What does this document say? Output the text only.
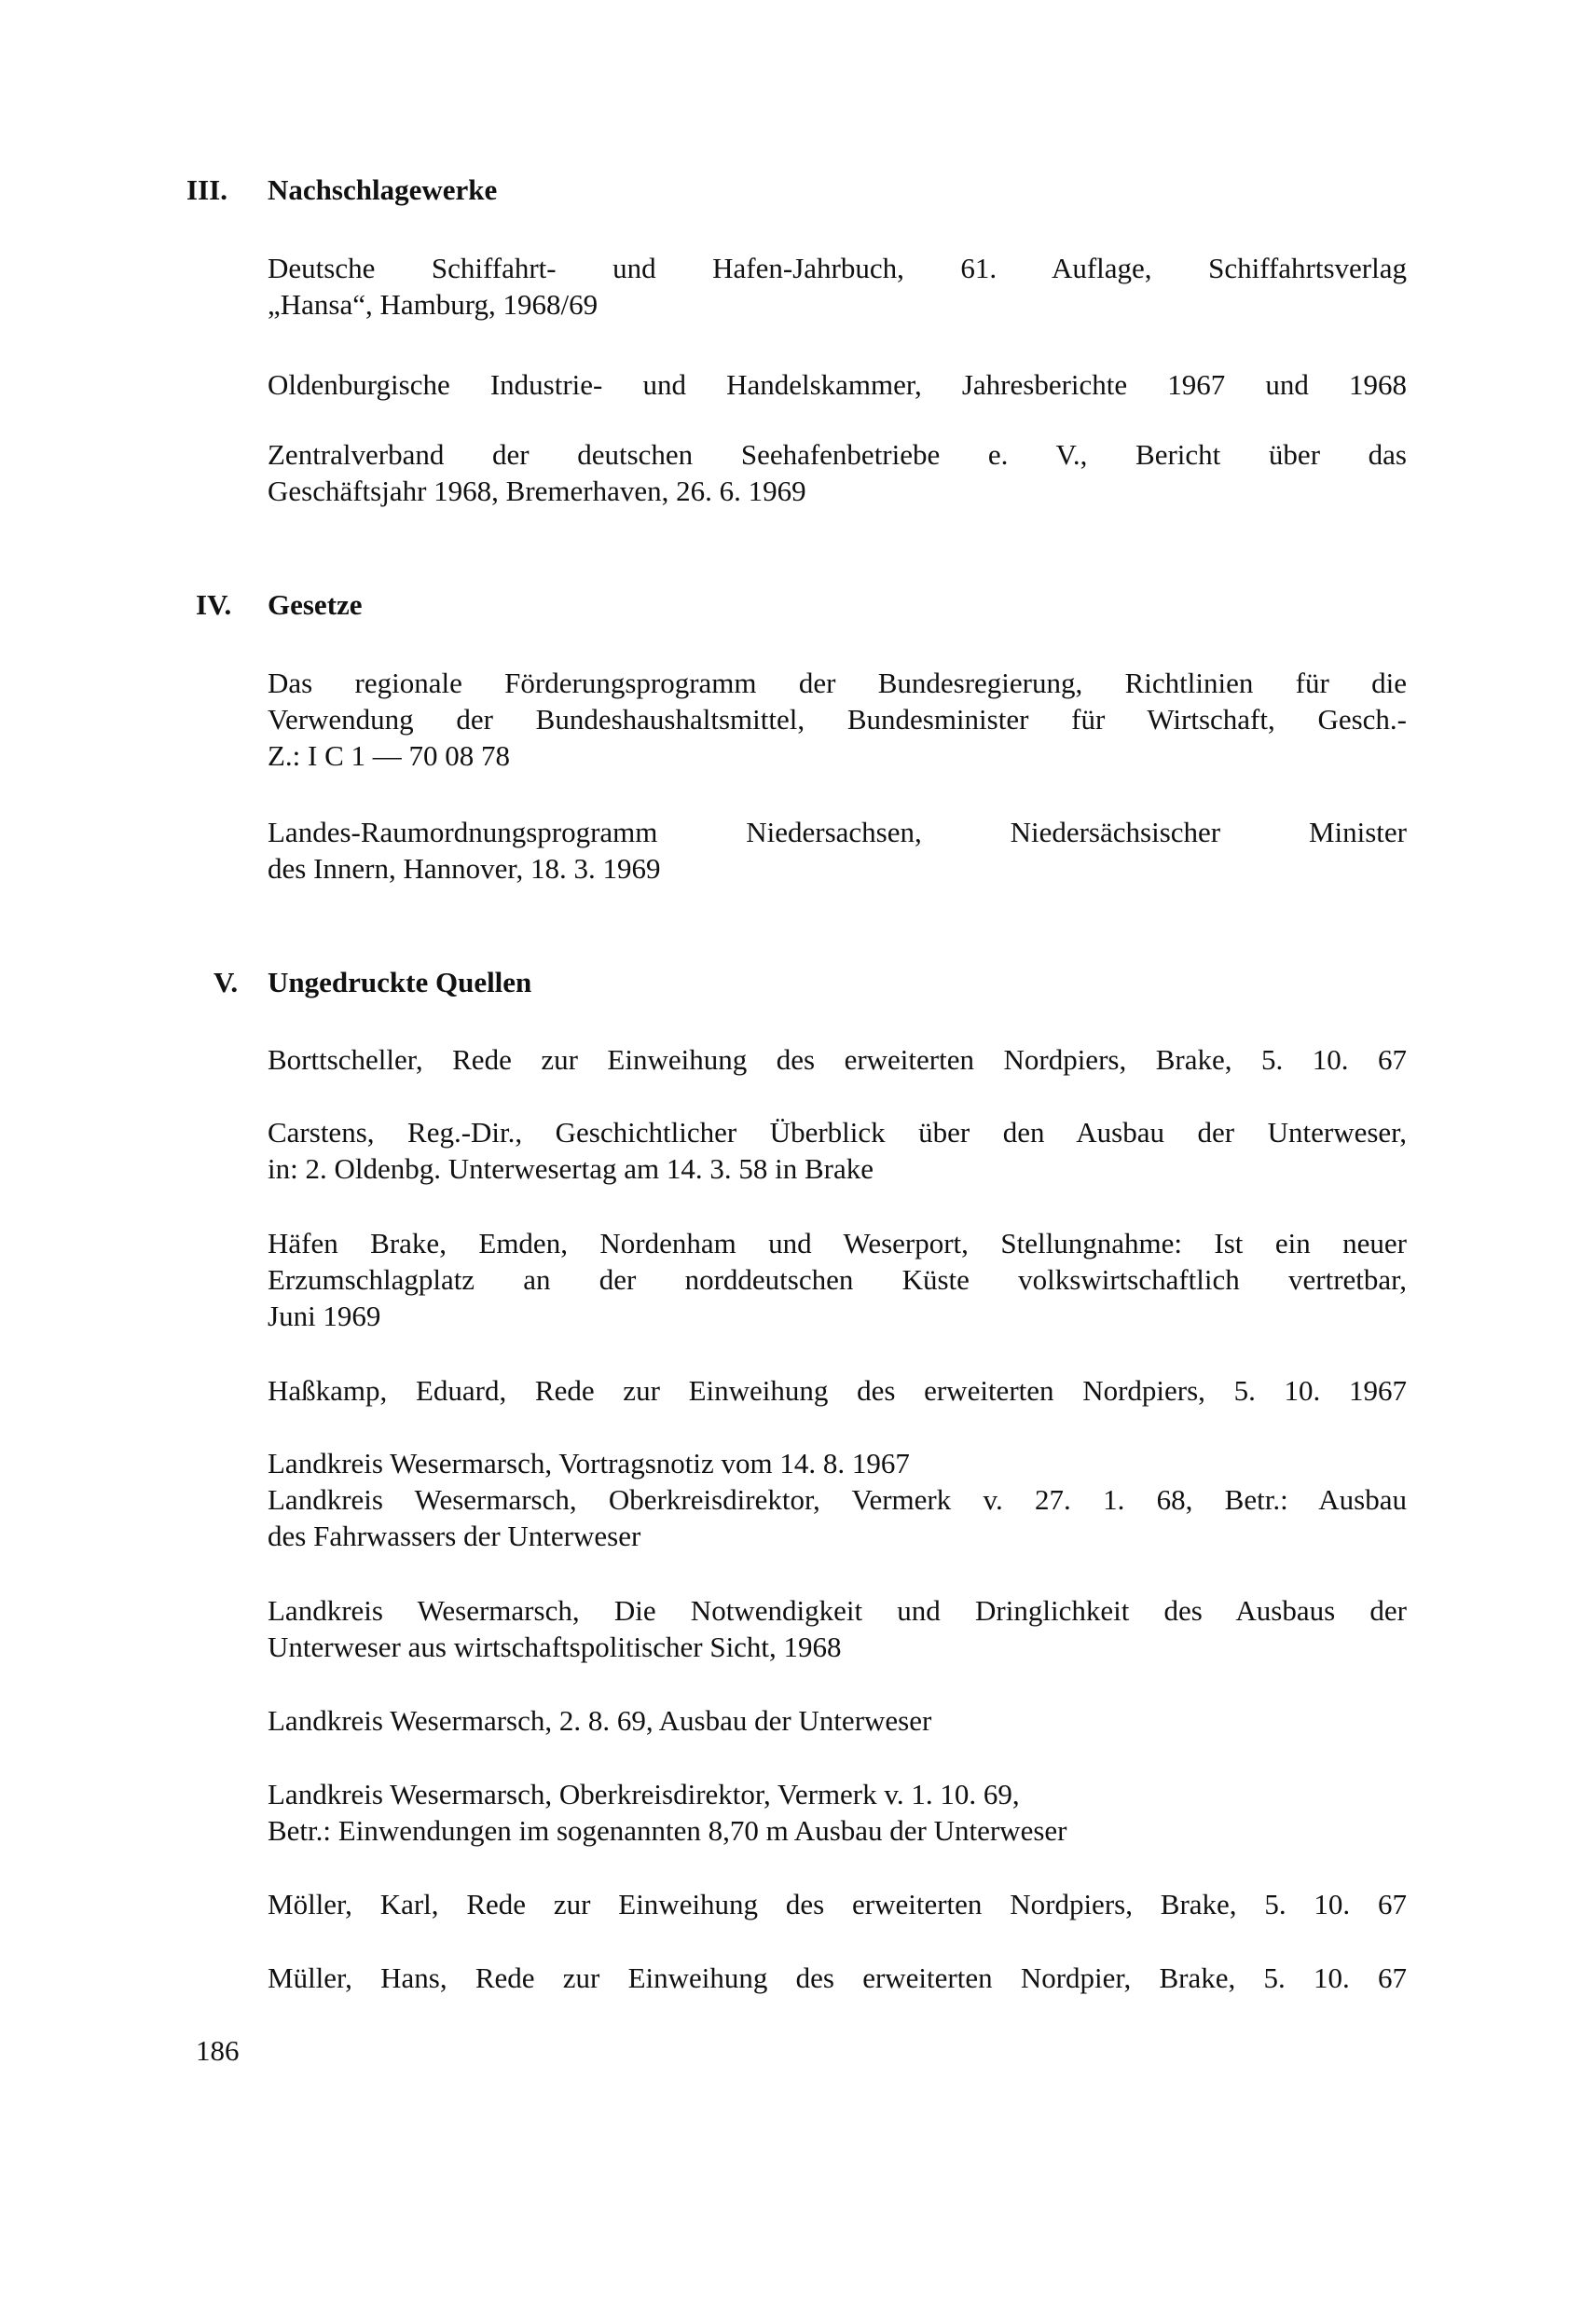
III.	Nachschlagewerke

Deutsche Schiffahrt- und Hafen-Jahrbuch, 61. Auflage, Schiffahrtsverlag
„Hansa“, Hamburg, 1968/69

Oldenburgische Industrie- und Handelskammer, Jahresberichte 1967 und 1968

Zentralverband der deutschen Seehafenbetriebe e. V., Bericht über das
Geschäftsjahr 1968, Bremerhaven, 26. 6. 1969

IV.	Gesetze

Das regionale Förderungsprogramm der Bundesregierung, Richtlinien für die
Verwendung der Bundeshaushaltsmittel, Bundesminister für Wirtschaft, Gesch.-
Z.: I C 1 — 70 08 78

Landes-Raumordnungsprogramm Niedersachsen, Niedersächsischer Minister
des Innern, Hannover, 18. 3. 1969

V.	Ungedruckte Quellen

Borttscheller, Rede zur Einweihung des erweiterten Nordpiers, Brake, 5. 10. 67

Carstens, Reg.-Dir., Geschichtlicher Überblick über den Ausbau der Unterweser,
in: 2. Oldenbg. Unterwesertag am 14. 3. 58 in Brake

Häfen Brake, Emden, Nordenham und Weserport, Stellungnahme: Ist ein neuer
Erzumschlagplatz an der norddeutschen Küste volkswirtschaftlich vertretbar,
Juni 1969

Haßkamp, Eduard, Rede zur Einweihung des erweiterten Nordpiers, 5. 10. 1967

Landkreis Wesermarsch, Vortragsnotiz vom 14. 8. 1967
Landkreis Wesermarsch, Oberkreisdirektor, Vermerk v. 27. 1. 68, Betr.: Ausbau
des Fahrwassers der Unterweser

Landkreis Wesermarsch, Die Notwendigkeit und Dringlichkeit des Ausbaus der
Unterweser aus wirtschaftspolitischer Sicht, 1968

Landkreis Wesermarsch, 2. 8. 69, Ausbau der Unterweser

Landkreis Wesermarsch, Oberkreisdirektor, Vermerk v. 1. 10. 69,
Betr.: Einwendungen im sogenannten 8,70 m Ausbau der Unterweser

Möller, Karl, Rede zur Einweihung des erweiterten Nordpiers, Brake, 5. 10. 67

Müller, Hans, Rede zur Einweihung des erweiterten Nordpier, Brake, 5. 10. 67

186
